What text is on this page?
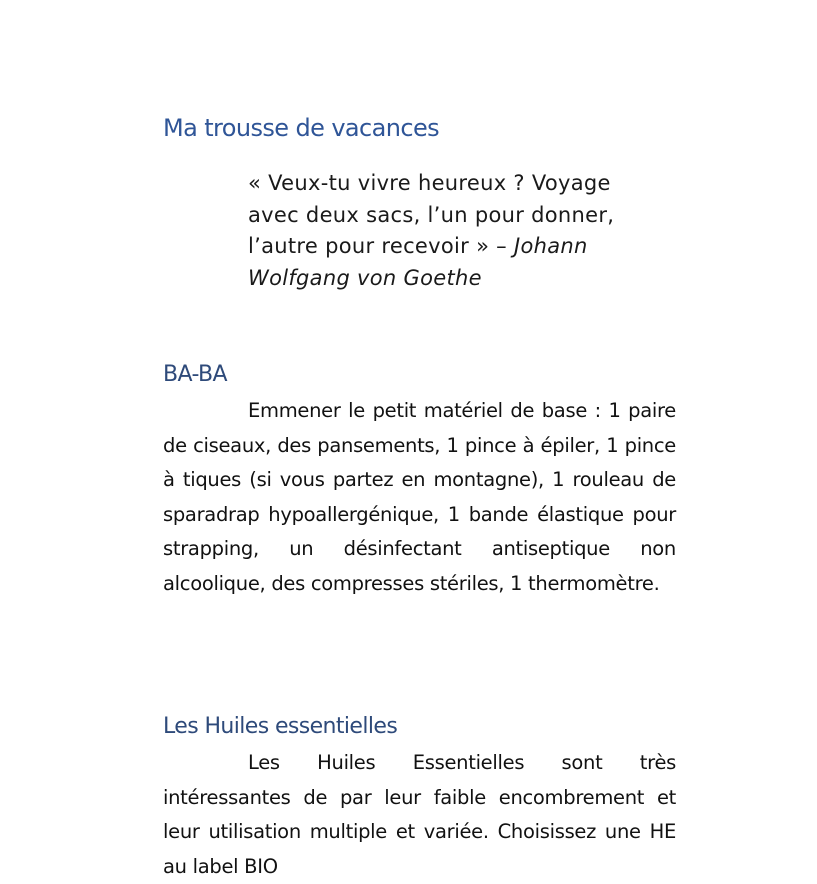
Ma trousse de vacances

« Veux-tu vivre heureux ? Voyage avec deux sacs, l’un pour donner, l’autre pour recevoir » – Johann Wolfgang von Goethe

BA-BA

Emmener le petit matériel de base : 1 paire de ciseaux, des pansements, 1 pince à épiler, 1 pince à tiques (si vous partez en montagne), 1 rouleau de sparadrap hypoallergénique, 1 bande élastique pour strapping, un désinfectant antiseptique non alcoolique, des compresses stériles, 1 thermomètre.

Les Huiles essentielles

Les Huiles Essentielles sont très intéressantes de par leur faible encombrement et leur utilisation multiple et variée. Choisissez une HE au label BIO
